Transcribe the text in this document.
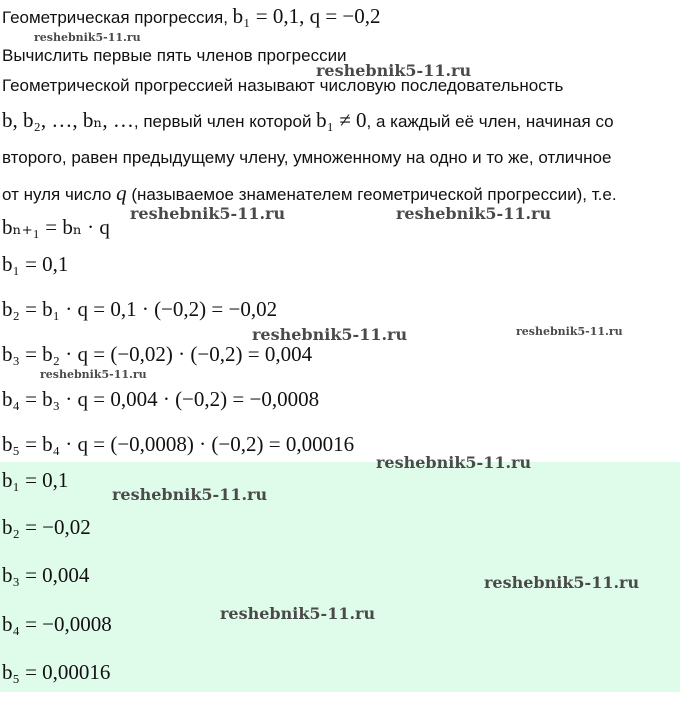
Геометрическая прогрессия, b₁ = 0,1, q = −0,2
Вычислить первые пять членов прогрессии
Геометрической прогрессией называют числовую последовательность
b, b₂, …, bₙ, …, первый член которой b₁ ≠ 0, а каждый её член, начиная со
второго, равен предыдущему члену, умноженному на одно и то же, отличное
от нуля число q (называемое знаменателем геометрической прогрессии), т.е.
bₙ₊₁ = bₙ · q
b₁ = 0,1
b₂ = b₁ · q = 0,1 · (−0,2) = −0,02
b₃ = b₂ · q = (−0,02) · (−0,2) = 0,004
b₄ = b₃ · q = 0,004 · (−0,2) = −0,0008
b₅ = b₄ · q = (−0,0008) · (−0,2) = 0,00016
b₁ = 0,1
b₂ = −0,02
b₃ = 0,004
b₄ = −0,0008
b₅ = 0,00016
reshebnik5-11.ru
reshebnik5-11.ru
reshebnik5-11.ru	reshebnik5-11.ru
reshebnik5-11.ru	reshebnik5-11.ru
reshebnik5-11.ru
reshebnik5-11.ru
reshebnik5-11.ru
reshebnik5-11.ru
reshebnik5-11.ru
